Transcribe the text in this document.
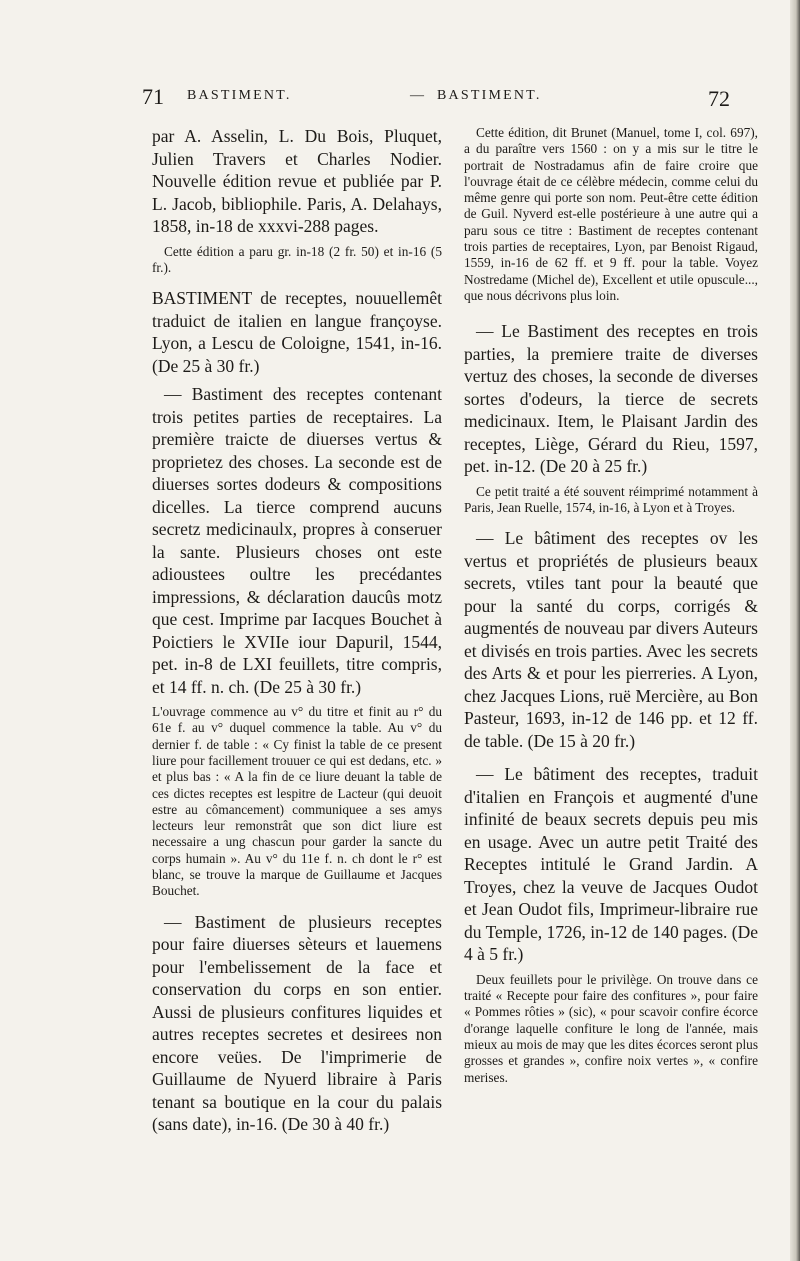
71 BASTIMENT.	— BASTIMENT.	72

par A. Asselin, L. Du Bois, Pluquet, Julien Travers et Charles Nodier. Nouvelle édition revue et publiée par P. L. Jacob, bibliophile. Paris, A. Delahays, 1858, in-18 de xxxvi-288 pages.

Cette édition a paru gr. in-18 (2 fr. 50) et in-16 (5 fr.).

BASTIMENT de receptes, nouuellemêt traduict de italien en langue françoyse. Lyon, a Lescu de Coloigne, 1541, in-16. (De 25 à 30 fr.)

— Bastiment des receptes contenant trois petites parties de receptaires. La première traicte de diuerses vertus & proprietez des choses. La seconde est de diuerses sortes dodeurs & compositions dicelles. La tierce comprend aucuns secretz medicinaulx, propres à conseruer la sante. Plusieurs choses ont este adioustees oultre les precédantes impressions, & déclaration daucûs motz que cest. Imprime par Iacques Bouchet à Poictiers le XVIIe iour Dapuril, 1544, pet. in-8 de LXI feuillets, titre compris, et 14 ff. n. ch. (De 25 à 30 fr.)

L'ouvrage commence au v° du titre et finit au r° du 61e f. au v° duquel commence la table. Au v° du dernier f. de table : « Cy finist la table de ce present liure pour facillement trouuer ce qui est dedans, etc. » et plus bas : « A la fin de ce liure deuant la table de ces dictes receptes est lespitre de Lacteur (qui deuoit estre au cômancement) communiquee a ses amys lecteurs leur remonstrât que son dict liure est necessaire a ung chascun pour garder la sancte du corps humain ». Au v° du 11e f. n. ch dont le r° est blanc, se trouve la marque de Guillaume et Jacques Bouchet.

— Bastiment de plusieurs receptes pour faire diuerses sèteurs et lauemens pour l'embelissement de la face et conservation du corps en son entier. Aussi de plusieurs confitures liquides et autres receptes secretes et desirees non encore veües. De l'imprimerie de Guillaume de Nyuerd libraire à Paris tenant sa boutique en la cour du palais (sans date), in-16. (De 30 à 40 fr.)

Cette édition, dit Brunet (Manuel, tome I, col. 697), a du paraître vers 1560 : on y a mis sur le titre le portrait de Nostradamus afin de faire croire que l'ouvrage était de ce célèbre médecin, comme celui du même genre qui porte son nom. Peut-être cette édition de Guil. Nyverd est-elle postérieure à une autre qui a paru sous ce titre : Bastiment de receptes contenant trois parties de receptaires, Lyon, par Benoist Rigaud, 1559, in-16 de 62 ff. et 9 ff. pour la table. Voyez Nostredame (Michel de), Excellent et utile opuscule..., que nous décrivons plus loin.

— Le Bastiment des receptes en trois parties, la premiere traite de diverses vertuz des choses, la seconde de diverses sortes d'odeurs, la tierce de secrets medicinaux. Item, le Plaisant Jardin des receptes, Liège, Gérard du Rieu, 1597, pet. in-12. (De 20 à 25 fr.)

Ce petit traité a été souvent réimprimé notamment à Paris, Jean Ruelle, 1574, in-16, à Lyon et à Troyes.

— Le bâtiment des receptes ov les vertus et propriétés de plusieurs beaux secrets, vtiles tant pour la beauté que pour la santé du corps, corrigés & augmentés de nouveau par divers Auteurs et divisés en trois parties. Avec les secrets des Arts & et pour les pierreries. A Lyon, chez Jacques Lions, ruë Mercière, au Bon Pasteur, 1693, in-12 de 146 pp. et 12 ff. de table. (De 15 à 20 fr.)

— Le bâtiment des receptes, traduit d'italien en François et augmenté d'une infinité de beaux secrets depuis peu mis en usage. Avec un autre petit Traité des Receptes intitulé le Grand Jardin. A Troyes, chez la veuve de Jacques Oudot et Jean Oudot fils, Imprimeur-libraire rue du Temple, 1726, in-12 de 140 pages. (De 4 à 5 fr.)

Deux feuillets pour le privilège. On trouve dans ce traité « Recepte pour faire des confitures », pour faire « Pommes rôties » (sic), « pour scavoir confire écorce d'orange laquelle confiture le long de l'année, mais mieux au mois de may que les dites écorces seront plus grosses et grandes », confire noix vertes », « confire merises.
